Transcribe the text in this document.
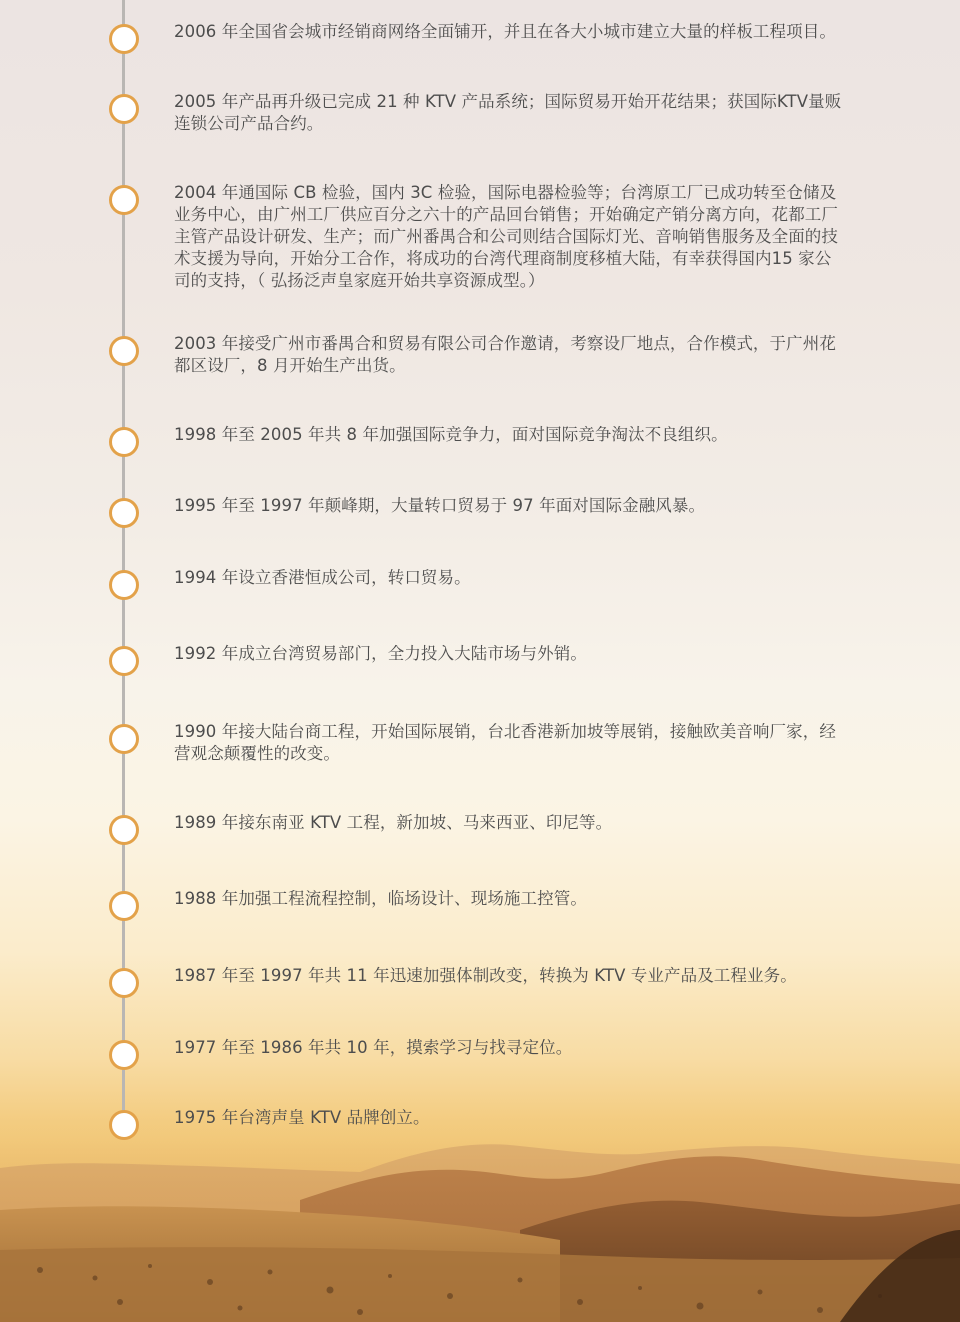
2006 年全国省会城市经销商网络全面铺开，并且在各大小城市建立大量的样板工程项目。
2005 年产品再升级已完成 21 种 KTV 产品系统；国际贸易开始开花结果；获国际KTV量贩
连锁公司产品合约。
2004 年通国际 CB 检验，国内 3C 检验，国际电器检验等；台湾原工厂已成功转至仓储及
业务中心，由广州工厂供应百分之六十的产品回台销售；开始确定产销分离方向，花都工厂
主管产品设计研发、生产；而广州番禺合和公司则结合国际灯光、音响销售服务及全面的技
术支援为导向，开始分工合作，将成功的台湾代理商制度移植大陆，有幸获得国内15 家公
司的支持，（ 弘扬泛声皇家庭开始共享资源成型。）
2003 年接受广州市番禺合和贸易有限公司合作邀请，考察设厂地点，合作模式，于广州花
都区设厂，8 月开始生产出货。
1998 年至 2005 年共 8 年加强国际竞争力，面对国际竞争淘汰不良组织。
1995 年至 1997 年颠峰期，大量转口贸易于 97 年面对国际金融风暴。
1994 年设立香港恒成公司，转口贸易。
1992 年成立台湾贸易部门，全力投入大陆市场与外销。
1990 年接大陆台商工程，开始国际展销，台北香港新加坡等展销，接触欧美音响厂家，经
营观念颠覆性的改变。
1989 年接东南亚 KTV 工程，新加坡、马来西亚、印尼等。
1988 年加强工程流程控制，临场设计、现场施工控管。
1987 年至 1997 年共 11 年迅速加强体制改变，转换为 KTV 专业产品及工程业务。
1977 年至 1986 年共 10 年，摸索学习与找寻定位。
1975 年台湾声皇 KTV 品牌创立。
